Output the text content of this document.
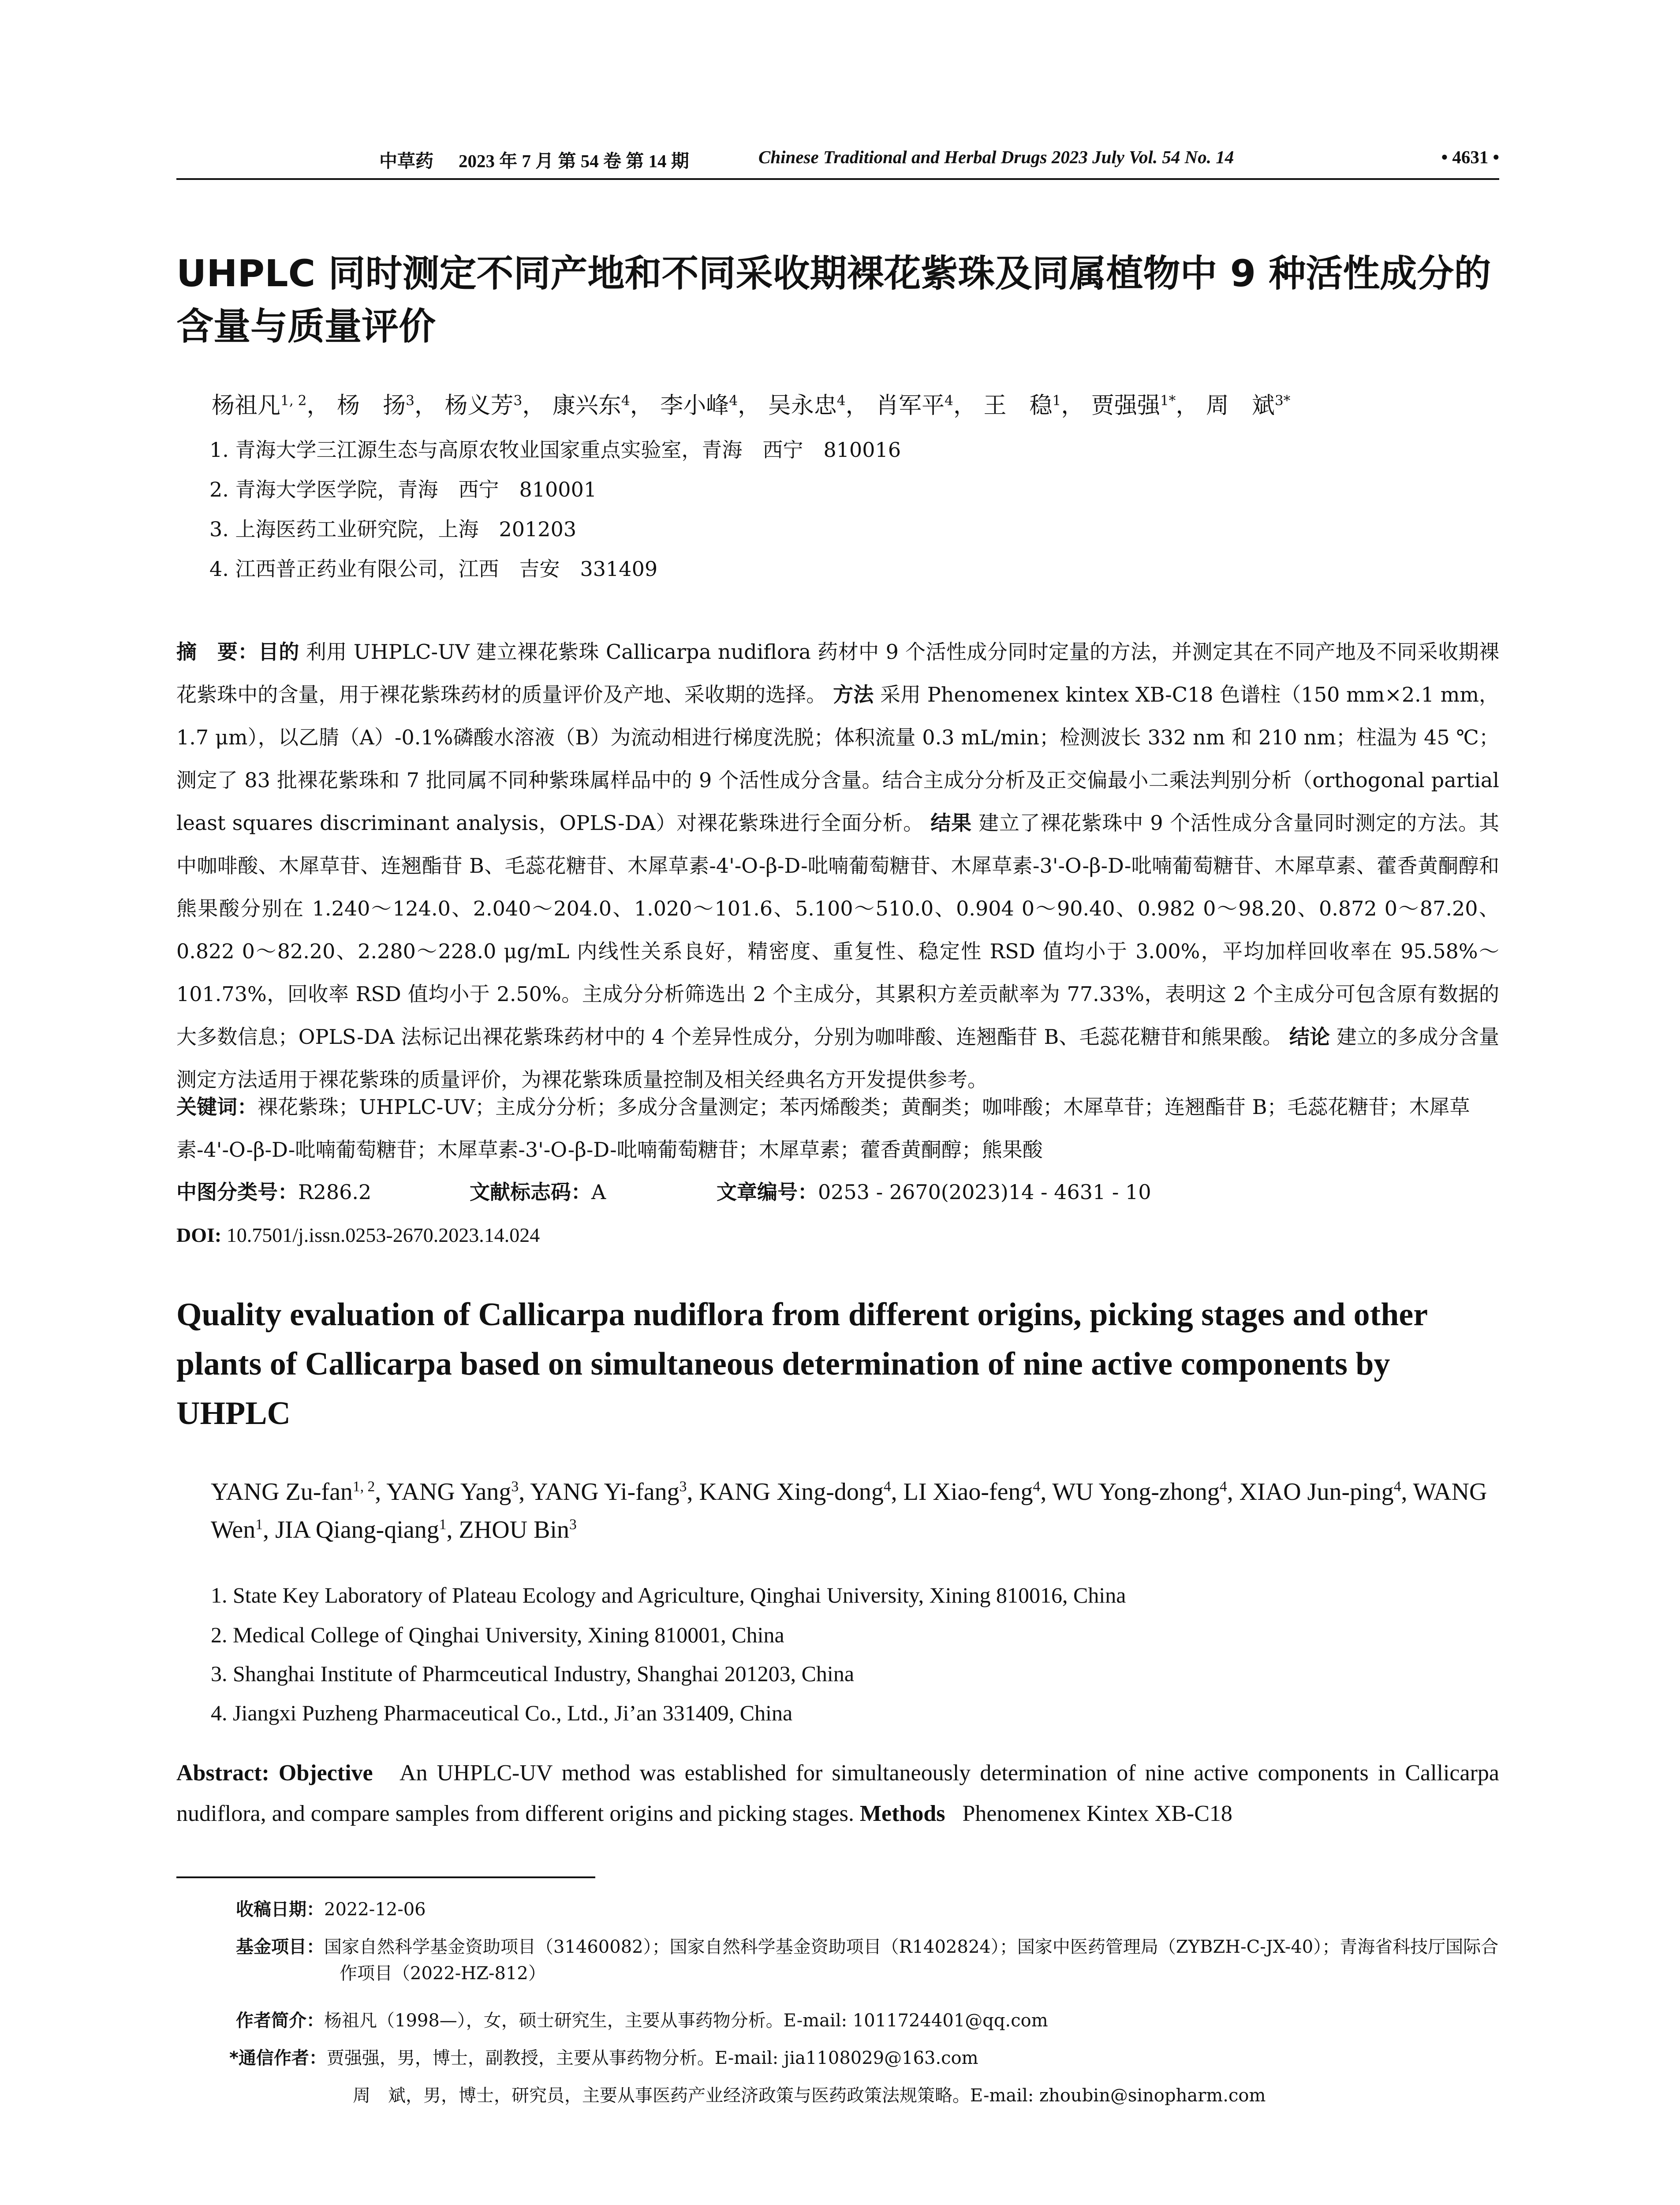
中草药 2023 年 7 月 第 54 卷 第 14 期	Chinese Traditional and Herbal Drugs 2023 July Vol. 54 No. 14	• 4631 •
UHPLC 同时测定不同产地和不同采收期裸花紫珠及同属植物中 9 种活性成分的含量与质量评价
杨祖凡$^{1, 2}$， 杨　扬$^3$， 杨义芳$^3$， 康兴东$^4$， 李小峰$^4$， 吴永忠$^4$， 肖军平$^4$， 王　稳$^1$， 贾强强$^{1*}$， 周　斌$^{3*}$
1. 青海大学三江源生态与高原农牧业国家重点实验室，青海　西宁　810016
2. 青海大学医学院，青海　西宁　810001
3. 上海医药工业研究院，上海　201203
4. 江西普正药业有限公司，江西　吉安　331409
摘　要：目的 利用 UHPLC-UV 建立裸花紫珠 Callicarpa nudiflora 药材中 9 个活性成分同时定量的方法，并测定其在不同产地及不同采收期裸花紫珠中的含量，用于裸花紫珠药材的质量评价及产地、采收期的选择。 方法 采用 Phenomenex kintex XB-C18 色谱柱（150 mm×2.1 mm，1.7 μm），以乙腈（A）-0.1%磷酸水溶液（B）为流动相进行梯度洗脱；体积流量 0.3 mL/min；检测波长 332 nm 和 210 nm；柱温为 45 ℃；测定了 83 批裸花紫珠和 7 批同属不同种紫珠属样品中的 9 个活性成分含量。结合主成分分析及正交偏最小二乘法判别分析（orthogonal partial least squares discriminant analysis，OPLS-DA）对裸花紫珠进行全面分析。 结果 建立了裸花紫珠中 9 个活性成分含量同时测定的方法。其中咖啡酸、木犀草苷、连翘酯苷 B、毛蕊花糖苷、木犀草素-4'-O-β-D-吡喃葡萄糖苷、木犀草素-3'-O-β-D-吡喃葡萄糖苷、木犀草素、藿香黄酮醇和熊果酸分别在 1.240～124.0、2.040～204.0、1.020～101.6、5.100～510.0、0.904 0～90.40、0.982 0～98.20、0.872 0～87.20、0.822 0～82.20、2.280～228.0 μg/mL 内线性关系良好，精密度、重复性、稳定性 RSD 值均小于 3.00%，平均加样回收率在 95.58%～101.73%，回收率 RSD 值均小于 2.50%。主成分分析筛选出 2 个主成分，其累积方差贡献率为 77.33%，表明这 2 个主成分可包含原有数据的大多数信息；OPLS-DA 法标记出裸花紫珠药材中的 4 个差异性成分，分别为咖啡酸、连翘酯苷 B、毛蕊花糖苷和熊果酸。 结论 建立的多成分含量测定方法适用于裸花紫珠的质量评价，为裸花紫珠质量控制及相关经典名方开发提供参考。
关键词：裸花紫珠；UHPLC-UV；主成分分析；多成分含量测定；苯丙烯酸类；黄酮类；咖啡酸；木犀草苷；连翘酯苷 B；毛蕊花糖苷；木犀草素-4'-O-β-D-吡喃葡萄糖苷；木犀草素-3'-O-β-D-吡喃葡萄糖苷；木犀草素；藿香黄酮醇；熊果酸
中图分类号：R286.2	文献标志码：A	文章编号：0253 - 2670(2023)14 - 4631 - 10
DOI: 10.7501/j.issn.0253-2670.2023.14.024
Quality evaluation of Callicarpa nudiflora from different origins, picking stages and other plants of Callicarpa based on simultaneous determination of nine active components by UHPLC
YANG Zu-fan$^{1, 2}$, YANG Yang$^3$, YANG Yi-fang$^3$, KANG Xing-dong$^4$, LI Xiao-feng$^4$, WU Yong-zhong$^4$, XIAO Jun-ping$^4$, WANG Wen$^1$, JIA Qiang-qiang$^1$, ZHOU Bin$^3$
1. State Key Laboratory of Plateau Ecology and Agriculture, Qinghai University, Xining 810016, China
2. Medical College of Qinghai University, Xining 810001, China
3. Shanghai Institute of Pharmceutical Industry, Shanghai 201203, China
4. Jiangxi Puzheng Pharmaceutical Co., Ltd., Ji’an 331409, China
Abstract: Objective An UHPLC-UV method was established for simultaneously determination of nine active components in Callicarpa nudiflora, and compare samples from different origins and picking stages. Methods Phenomenex Kintex XB-C18
收稿日期：2022-12-06
基金项目：国家自然科学基金资助项目（31460082）；国家自然科学基金资助项目（R1402824）；国家中医药管理局（ZYBZH-C-JX-40）；青海省科技厅国际合作项目（2022-HZ-812）
作者简介：杨祖凡（1998—），女，硕士研究生，主要从事药物分析。E-mail: 1011724401@qq.com
*通信作者：贾强强，男，博士，副教授，主要从事药物分析。E-mail: jia1108029@163.com
周　斌，男，博士，研究员，主要从事医药产业经济政策与医药政策法规策略。E-mail: zhoubin@sinopharm.com
